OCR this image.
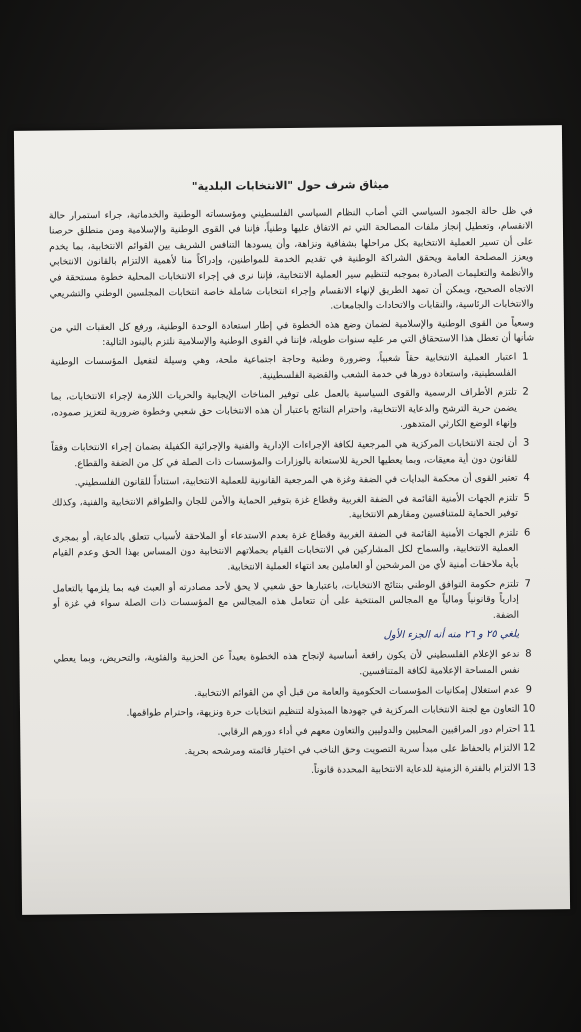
ميثاق شرف حول "الانتخابات البلدية"

في ظل حالة الجمود السياسي التي أصاب النظام السياسي الفلسطيني ومؤسساته الوطنية والخدماتية، جراء استمرار حالة الانقسام، وتعطيل إنجاز ملفات المصالحة التي تم الاتفاق عليها وطنياً، فإننا في القوى الوطنية والإسلامية ومن منطلق حرصنا على أن تسير العملية الانتخابية بكل مراحلها بشفافية ونزاهة، وأن يسودها التنافس الشريف بين القوائم الانتخابية، بما يخدم ويعزز المصلحة العامة ويحقق الشراكة الوطنية في تقديم الخدمة للمواطنين، وإدراكاً منا لأهمية الالتزام بالقانون الانتخابي والأنظمة والتعليمات الصادرة بموجبه لتنظيم سير العملية الانتخابية، فإننا نرى في إجراء الانتخابات المحلية خطوة مستحقة في الاتجاه الصحيح، ويمكن أن تمهد الطريق لإنهاء الانقسام وإجراء انتخابات شاملة خاصة انتخابات المجلسين الوطني والتشريعي والانتخابات الرئاسية، والنقابات والاتحادات والجامعات.

وسعياً من القوى الوطنية والإسلامية لضمان وضع هذه الخطوة في إطار استعادة الوحدة الوطنية، ورفع كل العقبات التي من شأنها أن تعطل هذا الاستحقاق التي مر عليه سنوات طويلة، فإننا في القوى الوطنية والإسلامية نلتزم بالبنود التالية:

1
اعتبار العملية الانتخابية حقاً شعبياً، وضرورة وطنية وحاجة اجتماعية ملحة، وهي وسيلة لتفعيل المؤسسات الوطنية الفلسطينية، واستعادة دورها في خدمة الشعب والقضية الفلسطينية.
2
تلتزم الأطراف الرسمية والقوى السياسية بالعمل على توفير المناخات الإيجابية والحريات اللازمة لإجراء الانتخابات، بما يضمن حرية الترشح والدعاية الانتخابية، واحترام النتائج باعتبار أن هذه الانتخابات حق شعبي وخطوة ضرورية لتعزيز صموده، وإنهاء الوضع الكارثي المتدهور.
3
أن لجنة الانتخابات المركزية هي المرجعية لكافة الإجراءات الإدارية والفنية والإجرائية الكفيلة بضمان إجراء الانتخابات وفقاً للقانون دون أية معيقات، وبما يعطيها الحرية للاستعانة بالوزارات والمؤسسات ذات الصلة في كل من الضفة والقطاع.
4
تعتبر القوى أن محكمة البدايات في الضفة وغزة هي المرجعية القانونية للعملية الانتخابية، استناداً للقانون الفلسطيني.
5
تلتزم الجهات الأمنية القائمة في الضفة الغربية وقطاع غزة بتوفير الحماية والأمن للجان والطواقم الانتخابية والفنية، وكذلك توفير الحماية للمتنافسين ومقارهم الانتخابية.
6
تلتزم الجهات الأمنية القائمة في الضفة الغربية وقطاع غزة بعدم الاستدعاء أو الملاحقة لأسباب تتعلق بالدعاية، أو بمجرى العملية الانتخابية، والسماح لكل المشاركين في الانتخابات القيام بحملاتهم الانتخابية دون المساس بهذا الحق وعدم القيام بأية ملاحقات أمنية لأي من المرشحين أو العاملين بعد انتهاء العملية الانتخابية.
7
تلتزم حكومة التوافق الوطني بنتائج الانتخابات، باعتبارها حق شعبي لا يحق لأحد مصادرته أو العبث فيه بما يلزمها بالتعامل إدارياً وقانونياً ومالياً مع المجالس المنتخبة على أن تتعامل هذه المجالس مع المؤسسات ذات الصلة سواء في غزة أو الضفة.
يلغي ٢٥ و ٢٦ منه أنه الجزء الأول
8
ندعو الإعلام الفلسطيني لأن يكون رافعة أساسية لإنجاح هذه الخطوة بعيداً عن الحزبية والفئوية، والتحريض، وبما يعطي نفس المساحة الإعلامية لكافة المتنافسين.
9
عدم استغلال إمكانيات المؤسسات الحكومية والعامة من قبل أي من القوائم الانتخابية.
10
التعاون مع لجنة الانتخابات المركزية في جهودها المبذولة لتنظيم انتخابات حرة ونزيهة، واحترام طواقمها.
11
احترام دور المراقبين المحليين والدوليين والتعاون معهم في أداء دورهم الرقابي.
12
الالتزام بالحفاظ على مبدأ سرية التصويت وحق الناخب في اختيار قائمته ومرشحه بحرية.
13
الالتزام بالفترة الزمنية للدعاية الانتخابية المحددة قانوناً.
